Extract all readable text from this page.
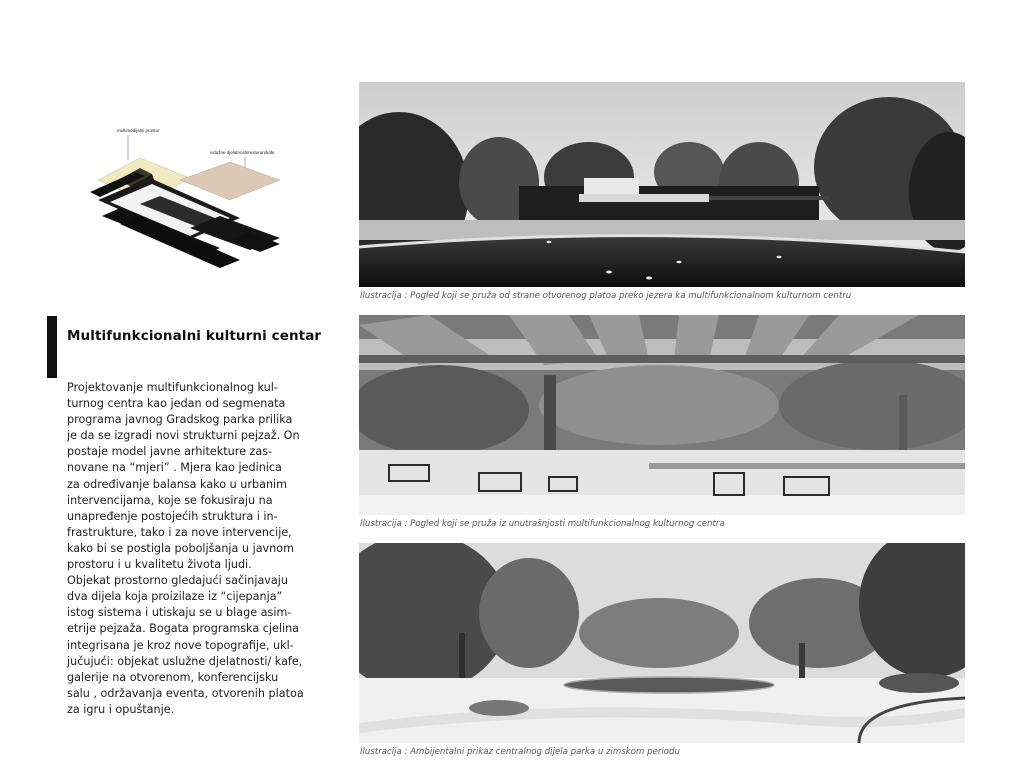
multimedijalni prostor
uslužne djelatnosti/restoran/kafe
Multifunkcionalni kulturni centar
Projektovanje multifunkcionalnog kul-
turnog centra kao jedan od segmenata
programa javnog Gradskog parka prilika
je da se izgradi novi strukturni pejzaž. On
postaje model javne arhitekture zas-
novane na “mjeri” . Mjera kao jedinica
za određivanje balansa kako u urbanim
intervencijama, koje se fokusiraju na
unapređenje postojećih struktura i in-
frastrukture, tako i za nove intervencije,
kako bi se postigla poboljšanja u javnom
prostoru i u kvalitetu života ljudi.
Objekat prostorno gledajući sačinjavaju
dva dijela koja proizilaze iz “cijepanja”
istog sistema i utiskaju se u blage asim-
etrije pejzaža. Bogata programska cjelina
integrisana je kroz nove topografije, ukl-
jučujući: objekat uslužne djelatnosti/ kafe,
galerije na otvorenom, konferencijsku
salu , održavanja eventa, otvorenih platoa
za igru i opuštanje.
Ilustracija : Pogled koji se pruža od strane otvorenog platoa preko jezera ka multifunkcionalnom kulturnom centru
Ilustracija : Pogled koji se pruža iz unutrašnjosti multifunkcionalnog kulturnog centra
Ilustracija : Ambijentalni prikaz centralnog dijela parka u zimskom periodu
